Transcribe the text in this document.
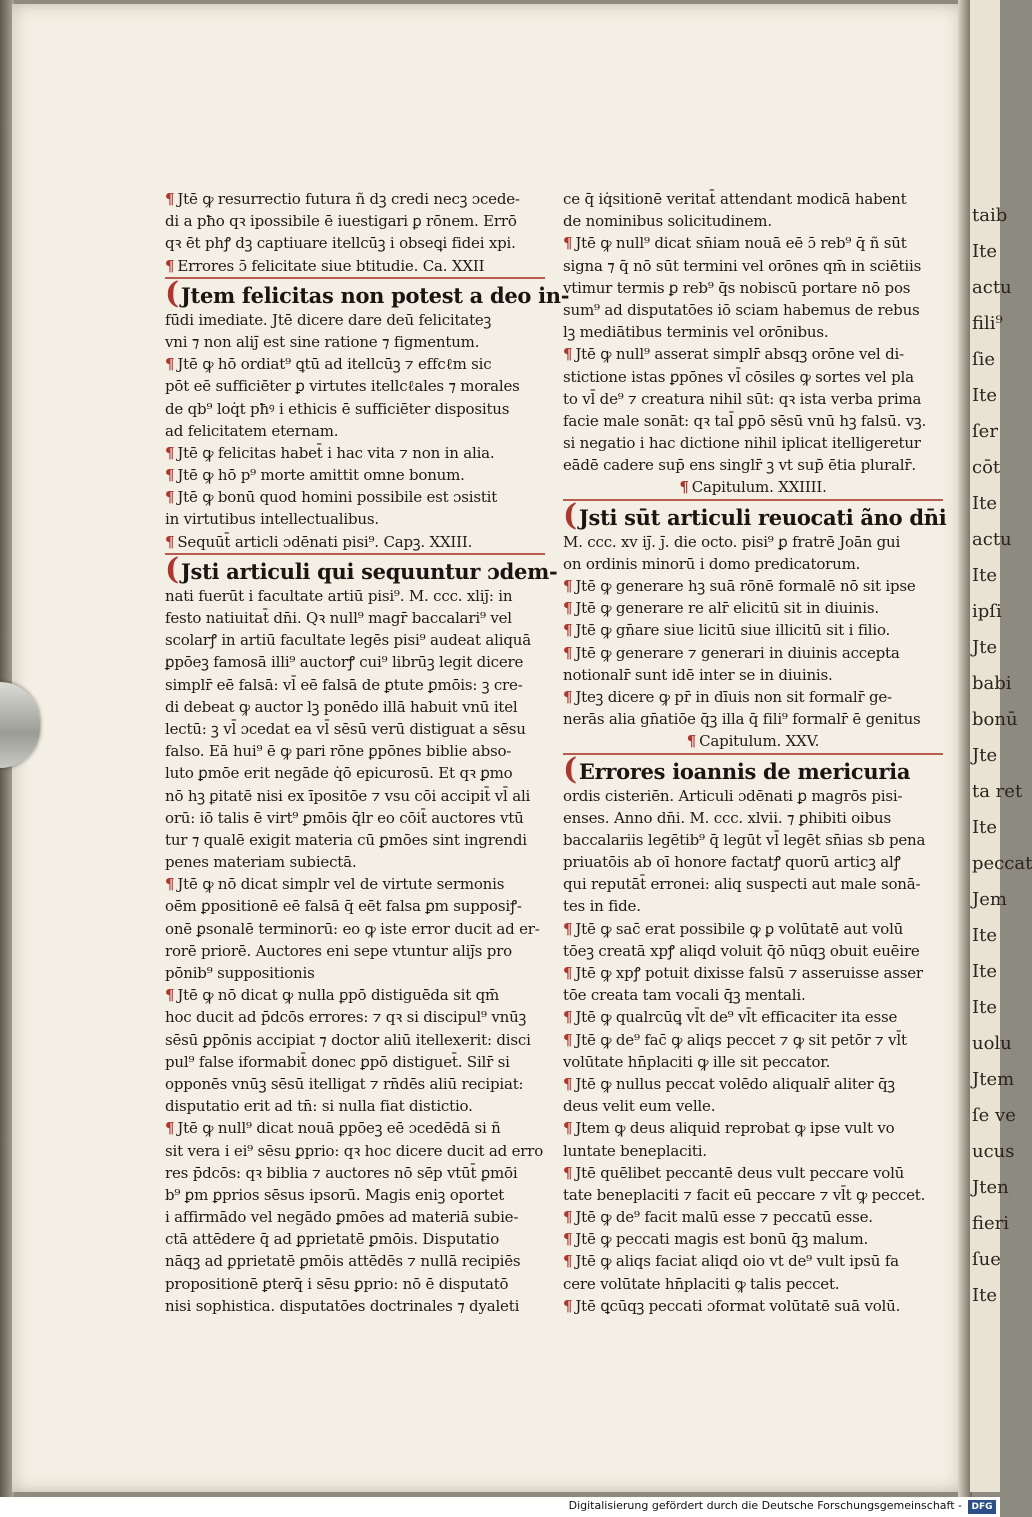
taib
Ite
actu
fili⁹
ſie
Ite
ſer
cōt
Ite
actu
Ite
ipſi
Jte
babi
bonū
Jte
ta ret
Ite
peccat
Jem
Ite
Ite
Ite
uolu
Jtem
ſe ve
ucus
Jten
fieri
ſue
Ite
¶ Jtē ꝙ resurrectio futura ñ dꝫ credi necꝫ ɔcede-
di a pħo qꝛ ipossibile ē iuestigari ꝑ rōnem. Errō
qꝛ ēt phꝭ dꝫ captiuare itellcūꝫ i obseꝗi fidei xpi.
¶ Errores ɔ̄ felicitate siue btitudie. Ca. XXII
(Jtem felicitas non potest a deo in-
fūdi imediate. Jtē dicere dare deū felicitateꝫ
vni ⁊ non aliȷ̄ est sine ratione ⁊ figmentum.
¶ Jtē ꝙ hō ordiat⁹ ꝗtū ad itellcūꝫ ⁊ effcℓm sic
pōt eē sufficiēter ꝑ virtutes itellcℓales ⁊ morales
de qb⁹ loq̇t pħꝰ i ethicis ē sufficiēter dispositus
ad felicitatem eternam.
¶ Jtē ꝙ felicitas habet̄ i hac vita ⁊ non in alia.
¶ Jtē ꝙ hō p⁹ morte amittit omne bonum.
¶ Jtē ꝙ bonū quod homini possibile est ɔsistit
in virtutibus intellectualibus.
¶ Sequūt̄ articli ɔdēnati pisi⁹. Capꝫ. XXIII.
(Jsti articuli qui sequuntur ɔdem-
nati fuerūt i facultate artiū pisi⁹. M. ccc. xliȷ̄: in
festo natiuitat̄ dn̄i. Qꝛ null⁹ magr̄ baccalari⁹ vel
scolarꝭ in artiū facultate legēs pisi⁹ audeat aliquā
ꝑpōeꝫ famosā illi⁹ auctorꝭ cui⁹ librūꝫ legit dicere
simplr̄ eē falsā: vl̄ eē falsā de ꝑtute ꝑmōis: ꝫ cre-
di debeat ꝙ auctor lꝫ ponēdo illā habuit vnū itel
lectū: ꝫ vl̄ ɔcedat ea vl̄ sēsū verū distiguat a sēsu
falso. Eā hui⁹ ē ꝙ pari rōne ꝑpōnes biblie abso-
luto ꝑmōe erit negāde q̇ō epicurosū. Et qꝛ ꝑmo
nō hꝫ ꝑitatē nisi ex īpositōe ⁊ vsu cōi accipit̄ vl̄ ali
orū: iō talis ē virt⁹ ꝑmōis q̄lr eo cōit̄ auctores vtū
tur ⁊ qualē exigit materia cū ꝑmōes sint ingrendi
penes materiam subiectā.
¶ Jtē ꝙ nō dicat simplr vel de virtute sermonis
oēm ꝑpositionē eē falsā q̄ eēt falsa ꝑm supposiꝭ-
onē ꝑsonalē terminorū: eo ꝙ iste error ducit ad er-
rorē priorē. Auctores eni sepe vtuntur aliȷ̄s pro
pōnib⁹ suppositionis
¶ Jtē ꝙ nō dicat ꝙ nulla ꝑpō distiguēda sit qm̄
hoc ducit ad p̄dcōs errores: ⁊ qꝛ si discipul⁹ vnūꝫ
sēsū ꝑpōnis accipiat ⁊ doctor aliū itellexerit: disci
pul⁹ false iformabit̄ donec ꝑpō distiguet̄. Silr̄ si
opponēs vnūꝫ sēsū itelligat ⁊ rn̄dēs aliū recipiat:
disputatio erit ad tn̄: si nulla fiat distictio.
¶ Jtē ꝙ null⁹ dicat nouā ꝑpōeꝫ eē ɔcedēdā si ñ
sit vera i ei⁹ sēsu ꝑprio: qꝛ hoc dicere ducit ad erro
res p̄dcōs: qꝛ biblia ⁊ auctores nō sēp vtūt̄ ꝑmōi
b⁹ ꝑm ꝑprios sēsus ipsorū. Magis eniꝫ oportet
i affirmādo vel negādo ꝑmōes ad materiā subie-
ctā attēdere q̄ ad ꝑprietatē ꝑmōis. Disputatio
nāqꝫ ad ꝑprietatē ꝑmōis attēdēs ⁊ nullā recipiēs
propositionē ꝑterq̄ i sēsu ꝑprio: nō ē disputatō
nisi sophistica. disputatōes doctrinales ⁊ dyaleti
ce q̄ iq̇sitionē veritat̄ attendant modicā habent
de nominibus solicitudinem.
¶ Jtē ꝙ null⁹ dicat sn̄iam nouā eē ɔ̄ reb⁹ q̄ ñ sūt
signa ⁊ q̄ nō sūt termini vel orōnes qm̄ in sciētiis
vtimur termis ꝑ reb⁹ q̄s nobiscū portare nō pos
sum⁹ ad disputatōes iō sciam habemus de rebus
lꝫ mediātibus terminis vel orōnibus.
¶ Jtē ꝙ null⁹ asserat simplr̄ absqꝫ orōne vel di-
stictione istas ꝑpōnes vl̄ cōsiles ꝙ sortes vel pla
to vl̄ de⁹ ⁊ creatura nihil sūt: qꝛ ista verba prima
facie male sonāt: qꝛ tal̄ ꝑpō sēsū vnū hꝫ falsū. vꝫ.
si negatio i hac dictione nihil iplicat itelligeretur
eādē cadere sup̄ ens singlr̄ ꝫ vt sup̄ ētia pluralr̄.
¶ Capitulum. XXIIII.
(Jsti sūt articuli reuocati ãno dn̄i
M. ccc. xv iȷ̄. ȷ̄. die octo. pisi⁹ ꝑ fratrē Joān gui
on ordinis minorū i domo predicatorum.
¶ Jtē ꝙ generare hꝫ suā rōnē formalē nō sit ipse
¶ Jtē ꝙ generare re alr̄ elicitū sit in diuinis.
¶ Jtē ꝙ gn̄are siue licitū siue illicitū sit i filio.
¶ Jtē ꝙ generare ⁊ generari in diuinis accepta
notionalr̄ sunt idē inter se in diuinis.
¶ Jteꝫ dicere ꝙ pr̄ in dīuis non sit formalr̄ ge-
nerās alia gn̄atiōe q̄ꝫ illa q̄ fili⁹ formalr̄ ē genitus
¶ Capitulum. XXV.
(Errores ioannis de mericuria
ordis cisteriēn. Articuli ɔdēnati ꝑ magrōs pisi-
enses. Anno dn̄i. M. ccc. xlvii. ⁊ ꝑhibiti oibus
baccalariis legētib⁹ q̄ legūt vl̄ legēt sn̄ias sb pena
priuatōis ab oī honore factatꝭ quorū articꝫ alꝭ
qui reputāt̄ erronei: aliq suspecti aut male sonā-
tes in fide.
¶ Jtē ꝙ sac̄ erat possibile ꝙ ꝑ volūtatē aut volū
tōeꝫ creatā xpꝭ aliqd voluit q̄ō nūqꝫ obuit euēire
¶ Jtē ꝙ xpꝭ potuit dixisse falsū ⁊ asseruisse asser
tōe creata tam vocali q̄ꝫ mentali.
¶ Jtē ꝙ qualrcūꝗ vl̄t de⁹ vl̄t efficaciter ita esse
¶ Jtē ꝙ de⁹ fac̄ ꝙ aliqs peccet ⁊ ꝙ sit petōr ⁊ vl̄t
volūtate hn̄placiti ꝙ ille sit peccator.
¶ Jtē ꝙ nullus peccat volēdo aliqualr̄ aliter q̄ꝫ
deus velit eum velle.
¶ Jtem ꝙ deus aliquid reprobat ꝙ ipse vult vo
luntate beneplaciti.
¶ Jtē quēlibet peccantē deus vult peccare volū
tate beneplaciti ⁊ facit eū peccare ⁊ vl̄t ꝙ peccet.
¶ Jtē ꝙ de⁹ facit malū esse ⁊ peccatū esse.
¶ Jtē ꝙ peccati magis est bonū q̄ꝫ malum.
¶ Jtē ꝙ aliqs faciat aliqd oio vt de⁹ vult ipsū fa
cere volūtate hn̄placiti ꝙ talis peccet.
¶ Jtē ꝗcūqꝫ peccati ɔformat volūtatē suā volū.
Digitalisierung gefördert durch die Deutsche Forschungsgemeinschaft -	DFG
